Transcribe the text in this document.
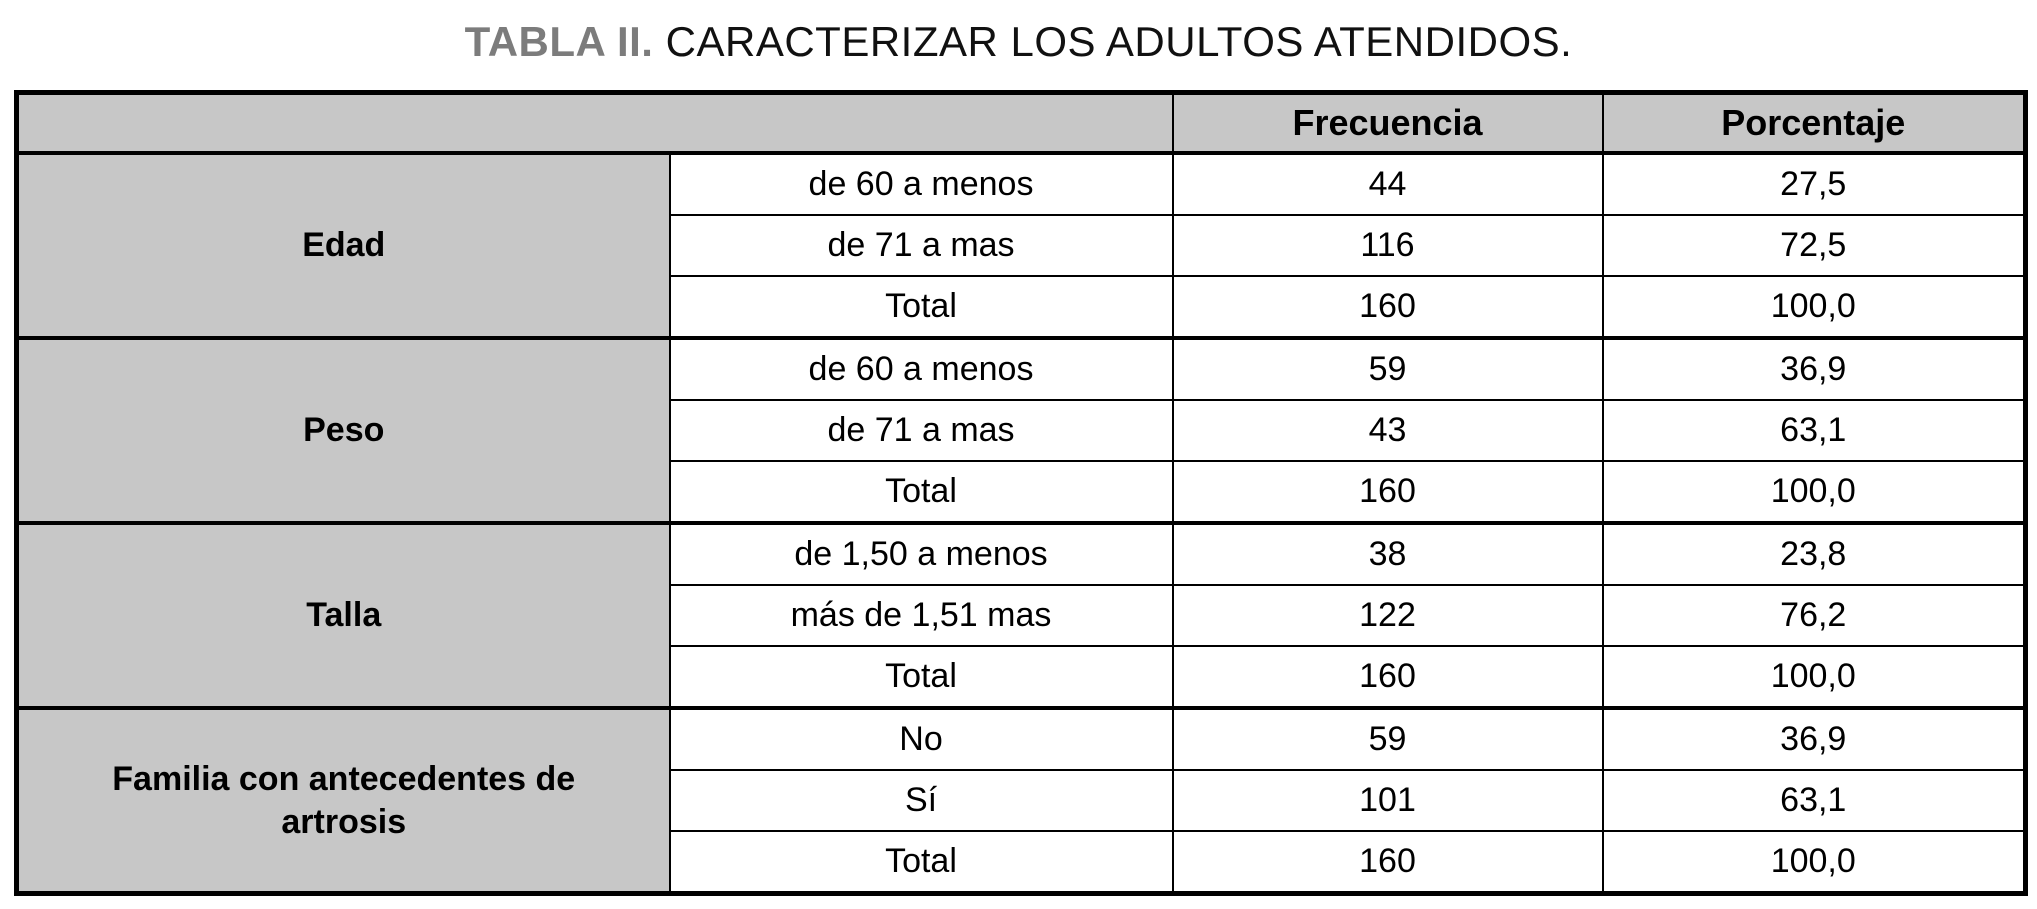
TABLA II. CARACTERIZAR LOS ADULTOS ATENDIDOS.
		Frecuencia	Porcentaje
Edad	de 60 a menos	44	27,5
	de 71 a mas	116	72,5
	Total	160	100,0
Peso	de 60 a menos	59	36,9
	de 71 a mas	43	63,1
	Total	160	100,0
Talla	de 1,50 a menos	38	23,8
	más de 1,51 mas	122	76,2
	Total	160	100,0
Familia con antecedentes de artrosis	No	59	36,9
	Sí	101	63,1
	Total	160	100,0
